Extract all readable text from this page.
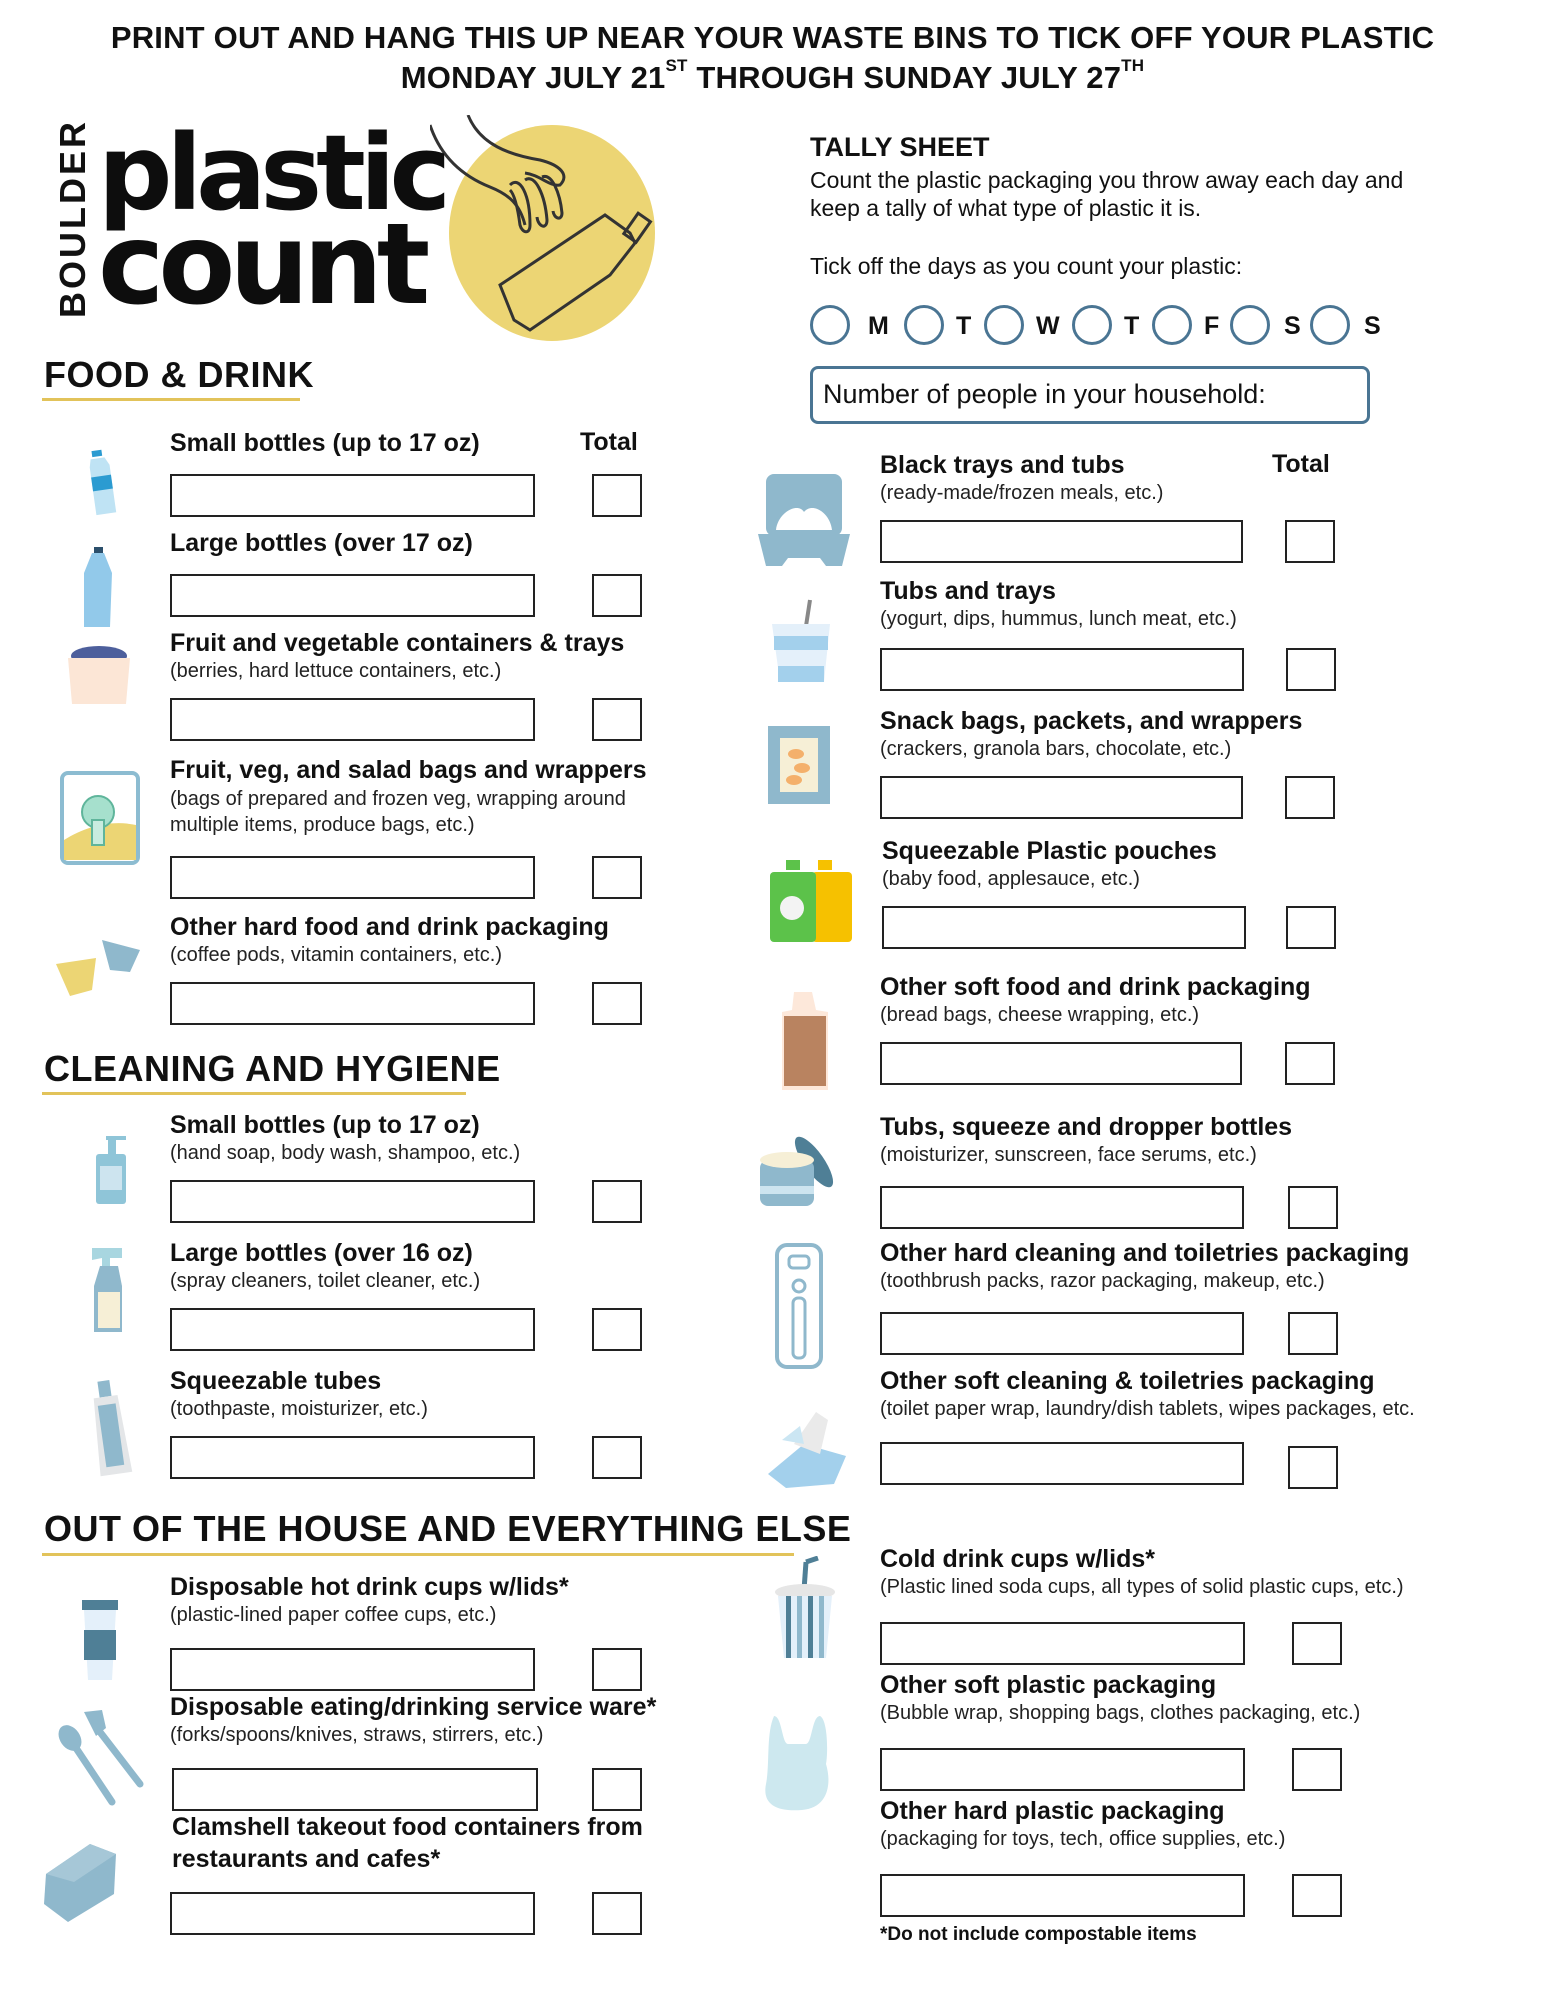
PRINT OUT AND HANG THIS UP NEAR YOUR WASTE BINS TO TICK OFF YOUR PLASTIC
MONDAY JULY 21ST THROUGH SUNDAY JULY 27TH
BOULDER plastic
count
TALLY SHEET
Count the plastic packaging you throw away each day and
keep a tally of what type of plastic it is.
Tick off the days as you count your plastic:
M	T	W	T	F	S	S
Number of people in your household:
FOOD & DRINK
CLEANING AND HYGIENE
OUT OF THE HOUSE AND EVERYTHING ELSE
Total
Total
Small bottles (up to 17 oz)
Large bottles (over 17 oz)
Fruit and vegetable containers & trays
(berries, hard lettuce containers, etc.)
Fruit, veg, and salad bags and wrappers
(bags of prepared and frozen veg, wrapping around
multiple items, produce bags, etc.)
Other hard food and drink packaging
(coffee pods, vitamin containers, etc.)
Small bottles (up to 17 oz)
(hand soap, body wash, shampoo, etc.)
Large bottles (over 16 oz)
(spray cleaners, toilet cleaner, etc.)
Squeezable tubes
(toothpaste, moisturizer, etc.)
Disposable hot drink cups w/lids*
(plastic-lined paper coffee cups, etc.)
Disposable eating/drinking service ware*
(forks/spoons/knives, straws, stirrers, etc.)
Clamshell takeout food containers from
restaurants and cafes*
Black trays and tubs
(ready-made/frozen meals, etc.)
Tubs and trays
(yogurt, dips, hummus, lunch meat, etc.)
Snack bags, packets, and wrappers
(crackers, granola bars, chocolate, etc.)
Squeezable Plastic pouches
(baby food, applesauce, etc.)
Other soft food and drink packaging
(bread bags, cheese wrapping, etc.)
Tubs, squeeze and dropper bottles
(moisturizer, sunscreen, face serums, etc.)
Other hard cleaning and toiletries packaging
(toothbrush packs, razor packaging, makeup, etc.)
Other soft cleaning & toiletries packaging
(toilet paper wrap, laundry/dish tablets, wipes packages, etc.
Cold drink cups w/lids*
(Plastic lined soda cups, all types of solid plastic cups, etc.)
Other soft plastic packaging
(Bubble wrap, shopping bags, clothes packaging, etc.)
Other hard plastic packaging
(packaging for toys, tech, office supplies, etc.)
*Do not include compostable items
